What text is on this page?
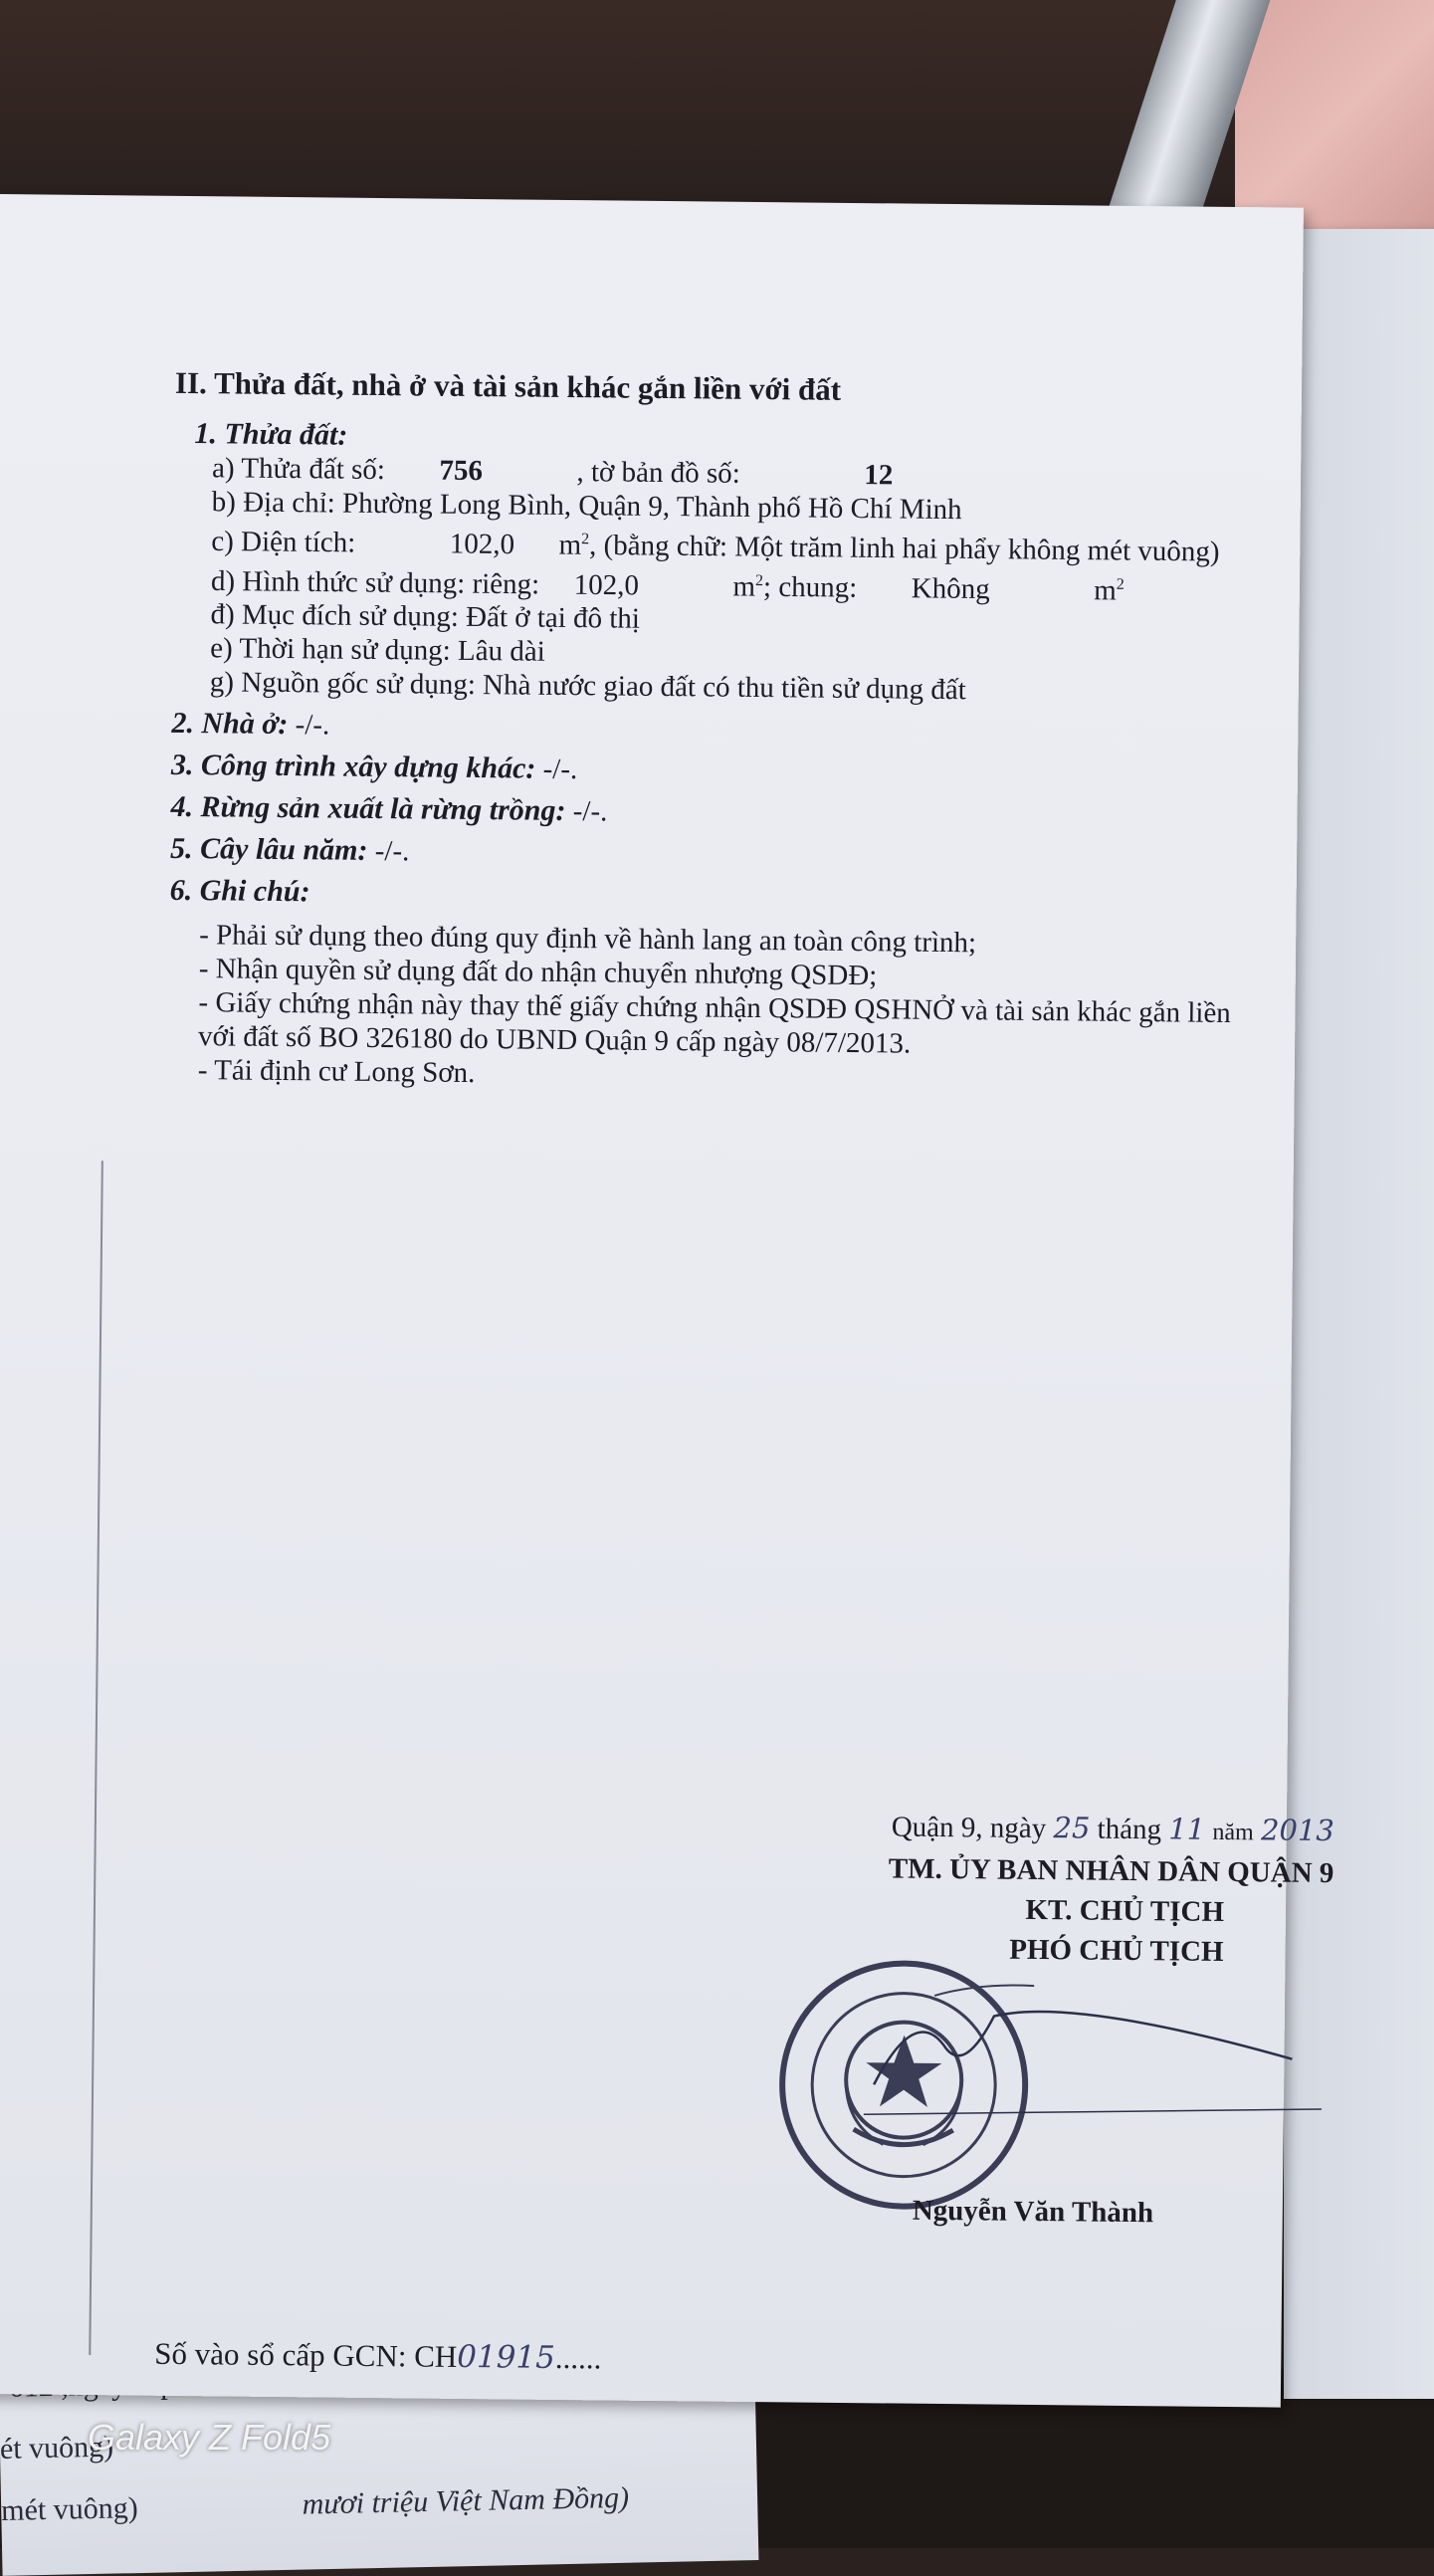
ét vuông)
mét vuông)	mươi triệu Việt Nam Đồng)
II. Thửa đất, nhà ở và tài sản khác gắn liền với đất
1. Thửa đất:
a) Thửa đất số: 756	, tờ bản đồ số:	12
b) Địa chỉ: Phường Long Bình, Quận 9, Thành phố Hồ Chí Minh
c) Diện tích:	102,0 $m^2$, (bằng chữ: Một trăm linh hai phẩy không mét vuông)
d) Hình thức sử dụng: riêng: 102,0	$m^2$; chung: Không	$m^2$
đ) Mục đích sử dụng: Đất ở tại đô thị
e) Thời hạn sử dụng: Lâu dài
g) Nguồn gốc sử dụng: Nhà nước giao đất có thu tiền sử dụng đất
2. Nhà ở: -/-.
3. Công trình xây dựng khác: -/-.
4. Rừng sản xuất là rừng trồng: -/-.
5. Cây lâu năm: -/-.
6. Ghi chú:
- Phải sử dụng theo đúng quy định về hành lang an toàn công trình;
- Nhận quyền sử dụng đất do nhận chuyển nhượng QSDĐ;
- Giấy chứng nhận này thay thế giấy chứng nhận QSDĐ QSHNỞ và tài sản khác gắn liền
với đất số BO 326180 do UBND Quận 9 cấp ngày 08/7/2013.
- Tái định cư Long Sơn.
Quận 9, ngày 25 tháng 11 năm 2013
TM. ỦY BAN NHÂN DÂN QUẬN 9
KT. CHỦ TỊCH
PHÓ CHỦ TỊCH
Nguyễn Văn Thành
Số vào sổ cấp GCN: CH01915......
Galaxy Z Fold5
